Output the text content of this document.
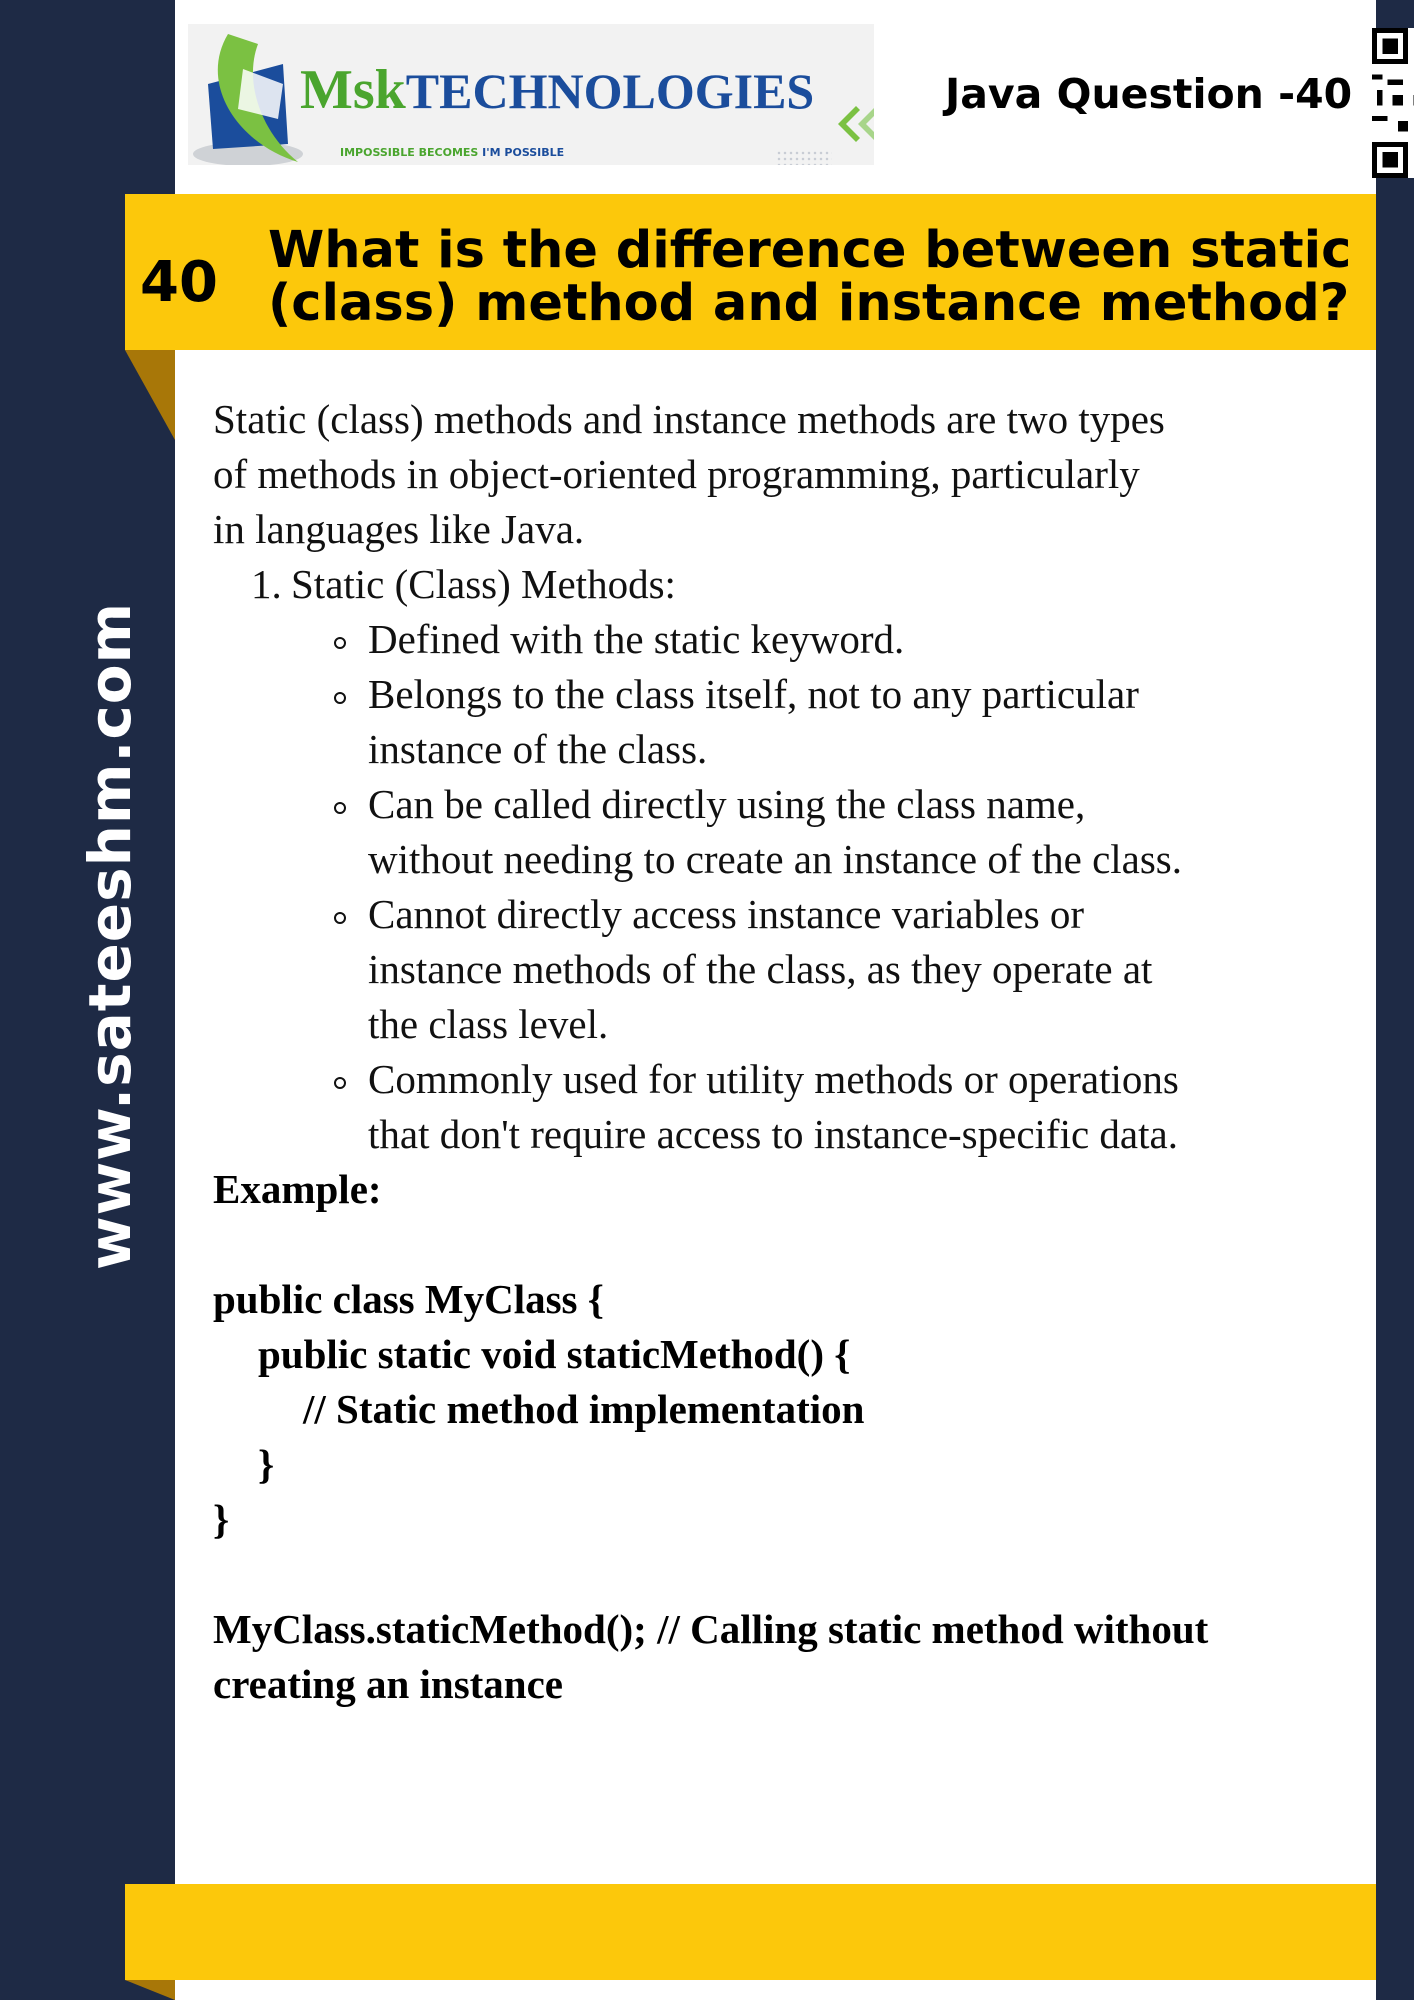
www.sateeshm.com
MskTECHNOLOGIES
IMPOSSIBLE BECOMES I'M POSSIBLE
Java Question -40
40 What is the difference between static
(class) method and instance method?

Static (class) methods and instance methods are two types
of methods in object-oriented programming, particularly
in languages like Java.

1. Static (Class) Methods:
Defined with the static keyword.
Belongs to the class itself, not to any particular
instance of the class.
Can be called directly using the class name,
without needing to create an instance of the class.
Cannot directly access instance variables or
instance methods of the class, as they operate at
the class level.
Commonly used for utility methods or operations
that don't require access to instance-specific data.
Example:
public class MyClass {
public static void staticMethod() {
// Static method implementation
}
}
MyClass.staticMethod(); // Calling static method without
creating an instance
